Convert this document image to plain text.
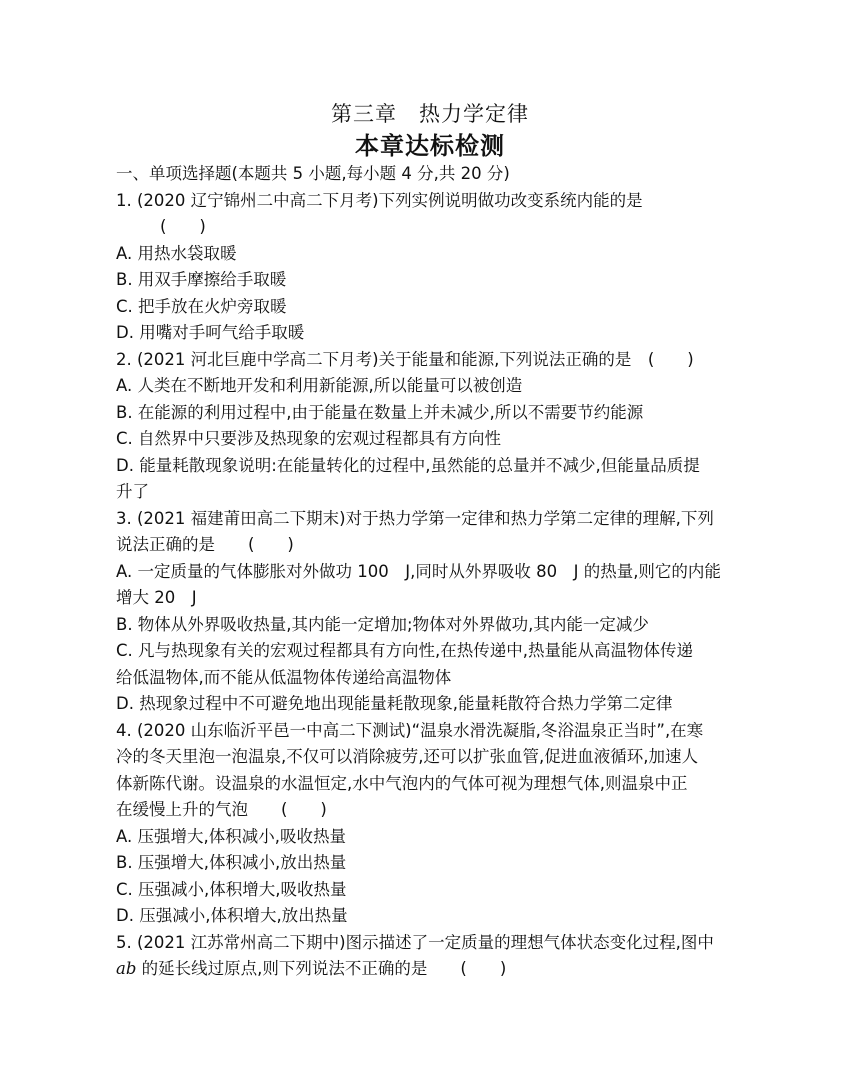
第三章 热力学定律
本章达标检测
一、单项选择题(本题共 5 小题,每小题 4 分,共 20 分)
1. (2020 辽宁锦州二中高二下月考)下列实例说明做功改变系统内能的是
(　　)
A. 用热水袋取暖
B. 用双手摩擦给手取暖
C. 把手放在火炉旁取暖
D. 用嘴对手呵气给手取暖
2. (2021 河北巨鹿中学高二下月考)关于能量和能源,下列说法正确的是　(　　)
A. 人类在不断地开发和利用新能源,所以能量可以被创造
B. 在能源的利用过程中,由于能量在数量上并未减少,所以不需要节约能源
C. 自然界中只要涉及热现象的宏观过程都具有方向性
D. 能量耗散现象说明:在能量转化的过程中,虽然能的总量并不减少,但能量品质提
升了
3. (2021 福建莆田高二下期末)对于热力学第一定律和热力学第二定律的理解,下列
说法正确的是　　(　　)
A. 一定质量的气体膨胀对外做功 100　J,同时从外界吸收 80　J 的热量,则它的内能
增大 20　J
B. 物体从外界吸收热量,其内能一定增加;物体对外界做功,其内能一定减少
C. 凡与热现象有关的宏观过程都具有方向性,在热传递中,热量能从高温物体传递
给低温物体,而不能从低温物体传递给高温物体
D. 热现象过程中不可避免地出现能量耗散现象,能量耗散符合热力学第二定律
4. (2020 山东临沂平邑一中高二下测试)“温泉水滑洗凝脂,冬浴温泉正当时”,在寒
冷的冬天里泡一泡温泉,不仅可以消除疲劳,还可以扩张血管,促进血液循环,加速人
体新陈代谢。设温泉的水温恒定,水中气泡内的气体可视为理想气体,则温泉中正
在缓慢上升的气泡　　(　　)
A. 压强增大,体积减小,吸收热量
B. 压强增大,体积减小,放出热量
C. 压强减小,体积增大,吸收热量
D. 压强减小,体积增大,放出热量
5. (2021 江苏常州高二下期中)图示描述了一定质量的理想气体状态变化过程,图中
ab 的延长线过原点,则下列说法不正确的是　　(　　)
